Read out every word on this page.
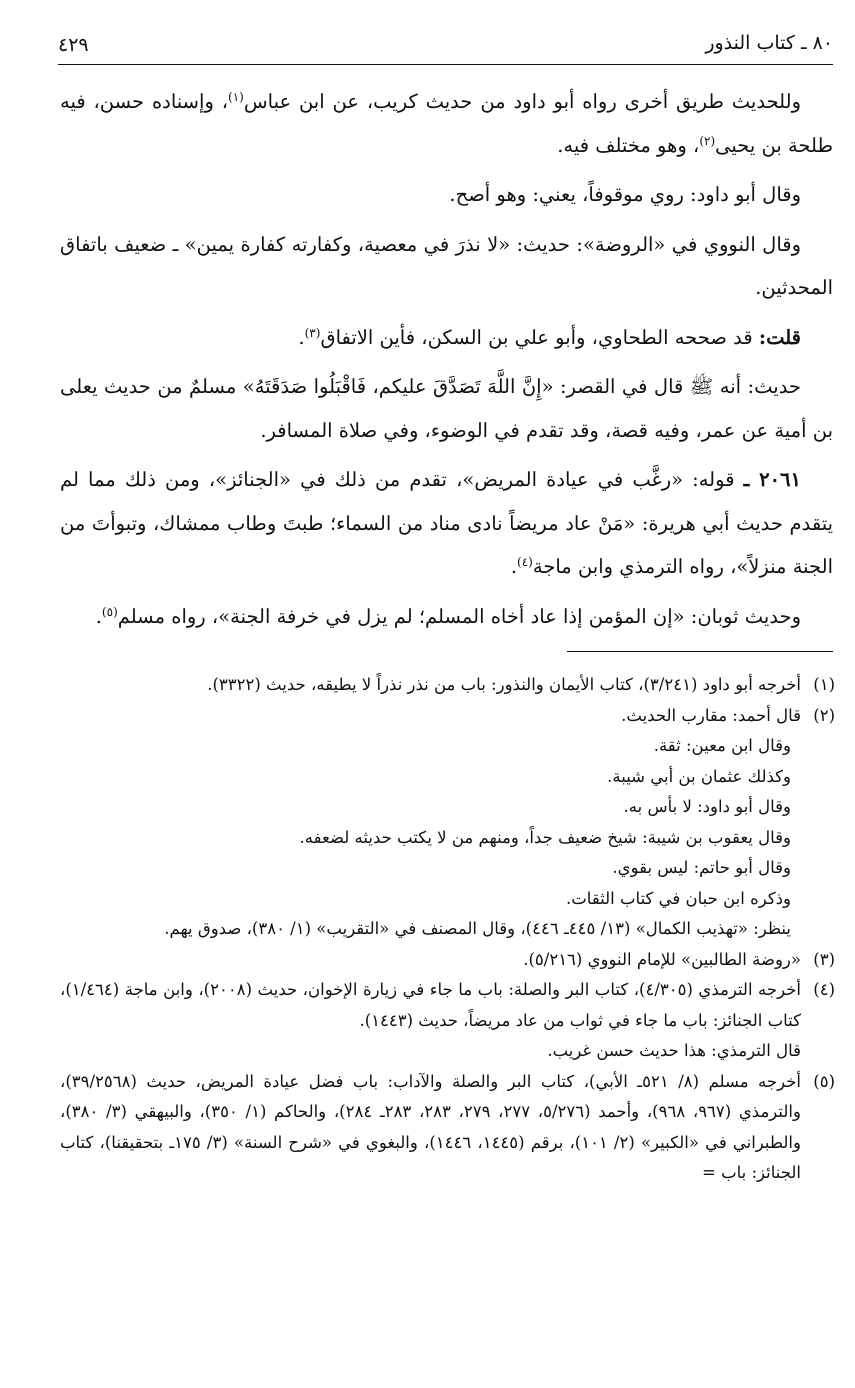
٨٠ ـ كتاب النذور
٤٢٩

وللحديث طريق أخرى رواه أبو داود من حديث كريب، عن ابن عباس$^{(١)}$، وإسناده حسن، فيه طلحة بن يحيى$^{(٢)}$، وهو مختلف فيه.

وقال أبو داود: روي موقوفاً، يعني: وهو أصح.

وقال النووي في «الروضة»: حديث: «لا نذرَ في معصية، وكفارته كفارة يمين» ـ ضعيف باتفاق المحدثين.

قلت: قد صححه الطحاوي، وأبو علي بن السكن، فأين الاتفاق$^{(٣)}$.

حديث: أنه ﷺ قال في القصر: «إِنَّ اللَّهَ تَصَدَّقَ عليكم، فَاقْبَلُوا صَدَقَتَهُ» مسلمٌ من حديث يعلى بن أمية عن عمر، وفيه قصة، وقد تقدم في الوضوء، وفي صلاة المسافر.

٢٠٦١ ـ قوله: «رغَّب في عيادة المريض»، تقدم من ذلك في «الجنائز»، ومن ذلك مما لم يتقدم حديث أبي هريرة: «مَنْ عاد مريضاً نادى مناد من السماء؛ طبتَ وطاب ممشاك، وتبوأتَ من الجنة منزلاً»، رواه الترمذي وابن ماجة$^{(٤)}$.

وحديث ثوبان: «إن المؤمن إذا عاد أخاه المسلم؛ لم يزل في خرفة الجنة»، رواه مسلم$^{(٥)}$.

(١)
أخرجه أبو داود (٣/٢٤١)، كتاب الأيمان والنذور: باب من نذر نذراً لا يطيقه، حديث (٣٣٢٢).
(٢)
قال أحمد: مقارب الحديث.
وقال ابن معين: ثقة.
وكذلك عثمان بن أبي شيبة.
وقال أبو داود: لا بأس به.
وقال يعقوب بن شيبة: شيخ ضعيف جداً، ومنهم من لا يكتب حديثه لضعفه.
وقال أبو حاتم: ليس بقوي.
وذكره ابن حبان في كتاب الثقات.
ينظر: «تهذيب الكمال» (١٣/ ٤٤٥ـ ٤٤٦)، وقال المصنف في «التقريب» (١/ ٣٨٠)، صدوق يهم.
(٣)
«روضة الطالبين» للإمام النووي (٥/٢١٦).
(٤)
أخرجه الترمذي (٤/٣٠٥)، كتاب البر والصلة: باب ما جاء في زيارة الإخوان، حديث (٢٠٠٨)، وابن ماجة (١/٤٦٤)، كتاب الجنائز: باب ما جاء في ثواب من عاد مريضاً، حديث (١٤٤٣).
قال الترمذي: هذا حديث حسن غريب.
(٥)
أخرجه مسلم (٨/ ٥٢١ـ الأبي)، كتاب البر والصلة والآداب: باب فضل عيادة المريض، حديث (٣٩/٢٥٦٨)، والترمذي (٩٦٧، ٩٦٨)، وأحمد (٥/٢٧٦، ٢٧٧، ٢٧٩، ٢٨٣، ٢٨٣ـ ٢٨٤)، والحاكم (١/ ٣٥٠)، والبيهقي (٣/ ٣٨٠)، والطبراني في «الكبير» (٢/ ١٠١)، برقم (١٤٤٥، ١٤٤٦)، والبغوي في «شرح السنة» (٣/ ١٧٥ـ بتحقيقنا)، كتاب الجنائز: باب =
